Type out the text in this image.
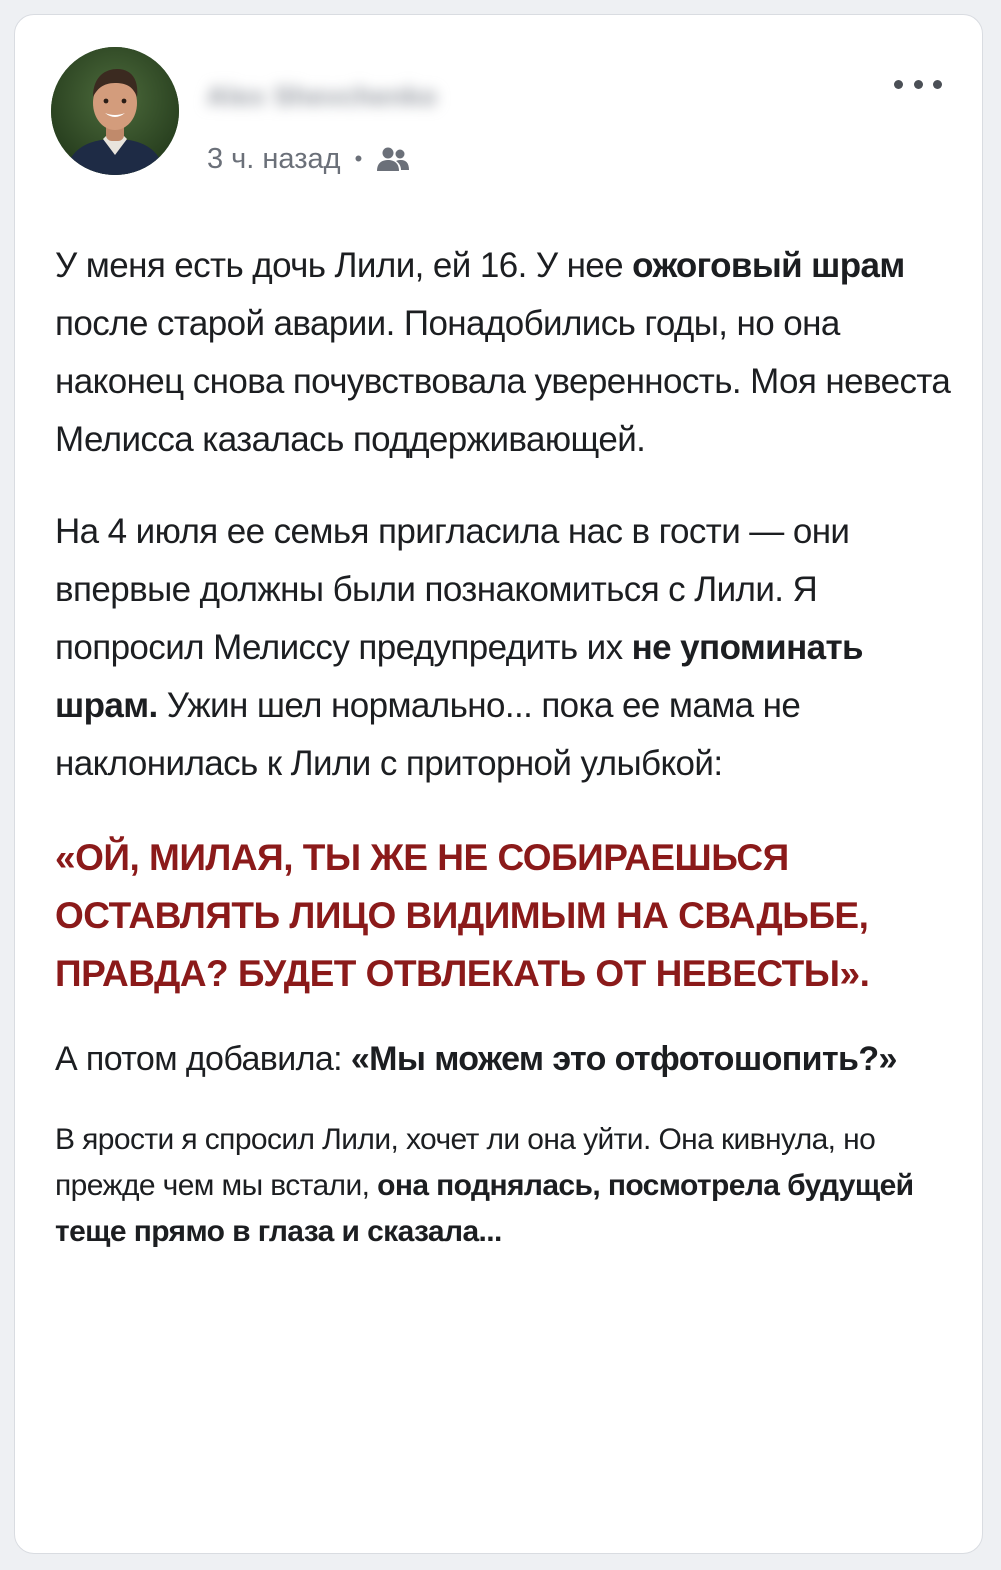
Alex Shevchenko
3 ч. назад •

У меня есть дочь Лили, ей 16. У нее ожоговый шрам после старой аварии. Понадобились годы, но она наконец снова почувствовала уверенность. Моя невеста Мелисса казалась поддерживающей.

На 4 июля ее семья пригласила нас в гости — они впервые должны были познакомиться с Лили. Я попросил Мелиссу предупредить их не упоминать шрам. Ужин шел нормально... пока ее мама не наклонилась к Лили с приторной улыбкой:

«ОЙ, МИЛАЯ, ТЫ ЖЕ НЕ СОБИРАЕШЬСЯ ОСТАВЛЯТЬ ЛИЦО ВИДИМЫМ НА СВАДЬБЕ, ПРАВДА? БУДЕТ ОТВЛЕКАТЬ ОТ НЕВЕСТЫ».

А потом добавила: «Мы можем это отфотошопить?»

В ярости я спросил Лили, хочет ли она уйти. Она кивнула, но прежде чем мы встали, она поднялась, посмотрела будущей теще прямо в глаза и сказала...
